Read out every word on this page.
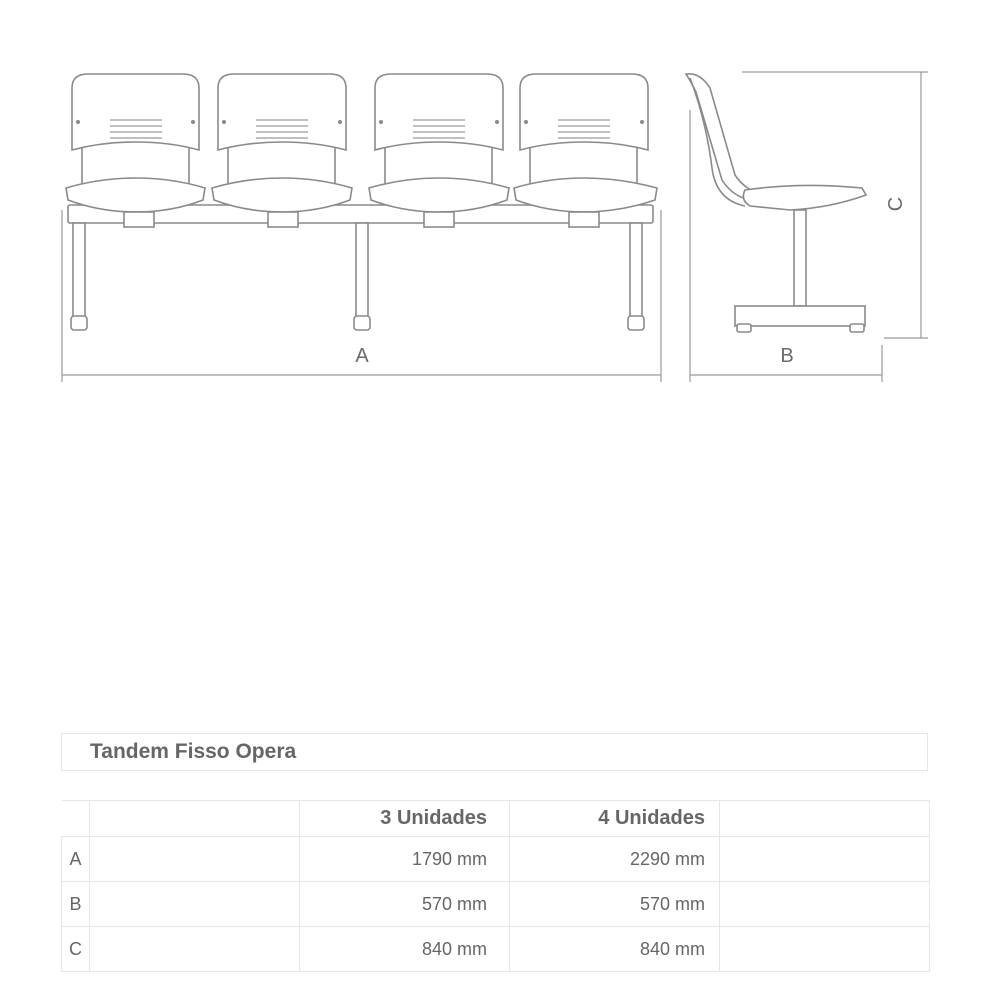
A	B
C
Tandem Fisso Opera
		3 Unidades	4 Unidades	
A		1790 mm	2290 mm	
B		570 mm	570 mm	
C		840 mm	840 mm	
